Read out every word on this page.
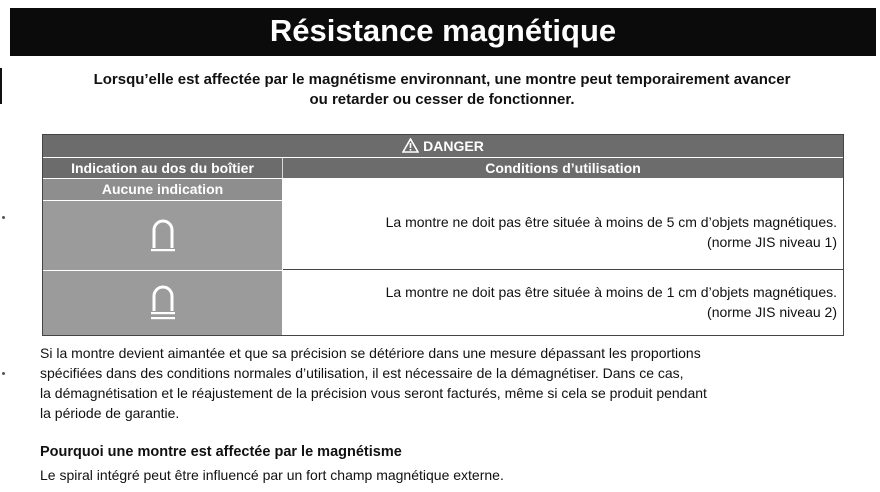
Résistance magnétique
Lorsqu’elle est affectée par le magnétisme environnant, une montre peut temporairement avancer
ou retarder ou cesser de fonctionner.
DANGER
Indication au dos du boîtier	Conditions d’utilisation
Aucune indication
La montre ne doit pas être située à moins de 5 cm d’objets magnétiques.
(norme JIS niveau 1)
La montre ne doit pas être située à moins de 1 cm d’objets magnétiques.
(norme JIS niveau 2)
Si la montre devient aimantée et que sa précision se détériore dans une mesure dépassant les proportions
spécifiées dans des conditions normales d’utilisation, il est nécessaire de la démagnétiser. Dans ce cas,
la démagnétisation et le réajustement de la précision vous seront facturés, même si cela se produit pendant
la période de garantie.
Pourquoi une montre est affectée par le magnétisme
Le spiral intégré peut être influencé par un fort champ magnétique externe.
